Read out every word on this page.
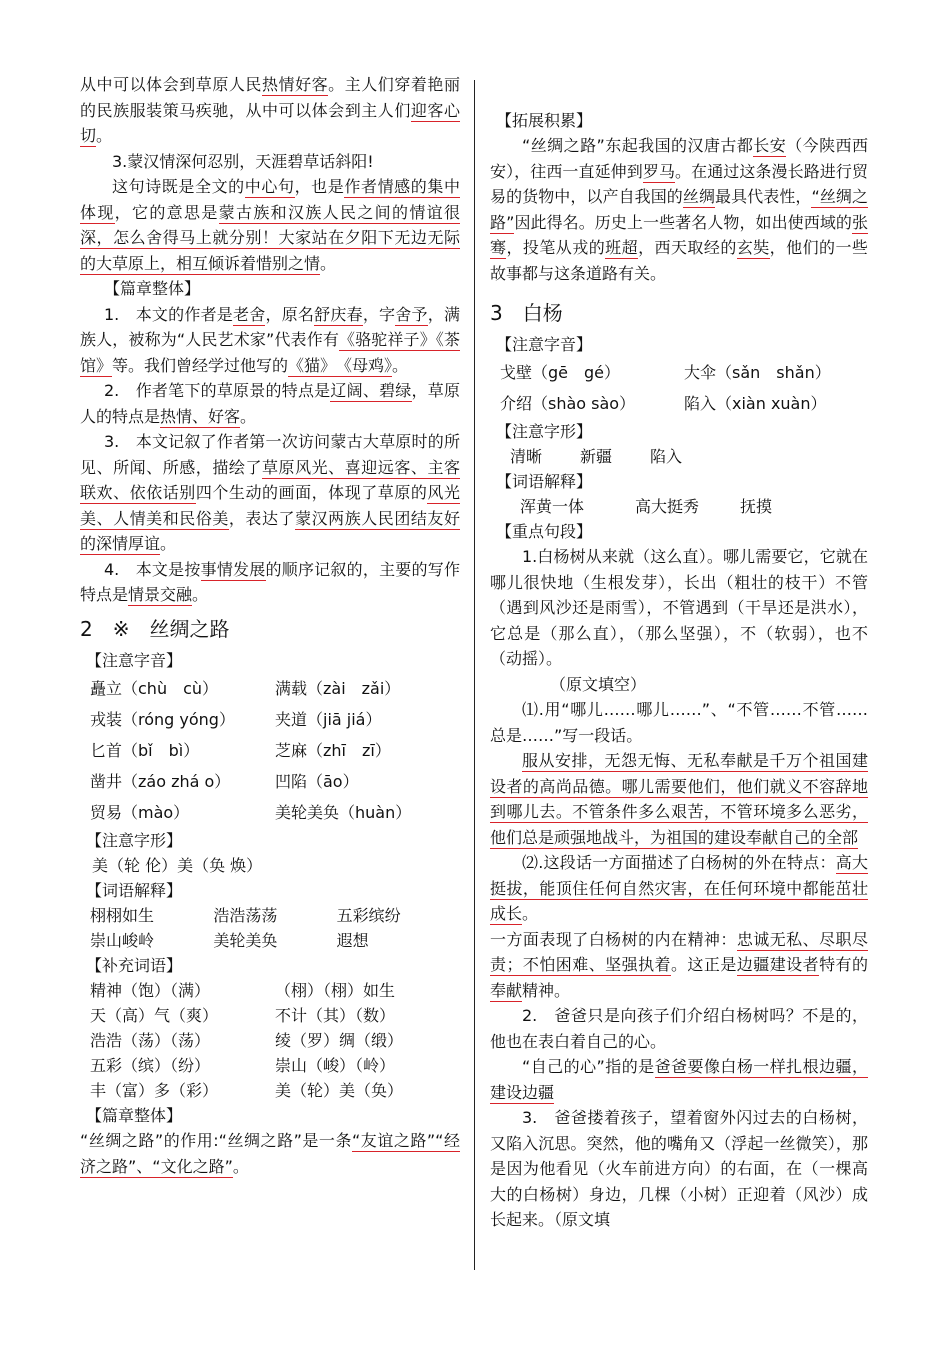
从中可以体会到草原人民热情好客。主人们穿着艳丽的民族服装策马疾驰，从中可以体会到主人们迎客心切。

3.蒙汉情深何忍别，天涯碧草话斜阳!

这句诗既是全文的中心句，也是作者情感的集中体现，它的意思是蒙古族和汉族人民之间的情谊很深，怎么舍得马上就分别！大家站在夕阳下无边无际的大草原上，相互倾诉着惜别之情。

【篇章整体】

1.　本文的作者是老舍，原名舒庆春，字舍予，满族人，被称为“人民艺术家”代表作有《骆驼祥子》《茶馆》等。我们曾经学过他写的《猫》　《母鸡》。

2.　作者笔下的草原景的特点是辽阔、碧绿，草原人的特点是热情、好客。

3.　本文记叙了作者第一次访问蒙古大草原时的所见、所闻、所感，描绘了草原风光、喜迎远客、主客联欢、依依话别四个生动的画面，体现了草原的风光美、人情美和民俗美，表达了蒙汉两族人民团结友好的深情厚谊。

4.　本文是按事情发展的顺序记叙的，主要的写作特点是情景交融。

2　※　丝绸之路

【注意字音】

矗立（chù　cù）	满载（zài　zǎi）
戎装（róng yóng）	夹道（jiā jiá）
匕首（bǐ　bì）	芝麻（zhī　zī）
凿井（záo zhá o）	凹陷（āo）
贸易（mào）	美轮美奂（huàn）

【注意字形】

美（轮 伦）美（奂 焕）

【词语解释】

栩栩如生	浩浩荡荡	五彩缤纷
崇山峻岭	美轮美奂	遐想

【补充词语】

精神（饱）（满）	（栩）（栩）如生
天（高）气（爽）	不计（其）（数）
浩浩（荡）（荡）	绫（罗）绸（缎）
五彩（缤）（纷）	崇山（峻）（岭）
丰（富）多（彩）	美（轮）美（奂）

【篇章整体】

“丝绸之路”的作用:“丝绸之路”是一条“友谊之路”“经济之路”、“文化之路”。

【拓展积累】

“丝绸之路”东起我国的汉唐古都长安（今陕西西安），往西一直延伸到罗马。在通过这条漫长路进行贸易的货物中，以产自我国的丝绸最具代表性，“丝绸之路”因此得名。历史上一些著名人物，如出使西域的张骞，投笔从戎的班超，西天取经的玄奘，他们的一些故事都与这条道路有关。

3　白杨

【注意字音】

戈壁（gē　gé）	大伞（sǎn　shǎn）
介绍（shào sào）	陷入（xiàn xuàn）

【注意字形】

清晰	新疆	陷入

【词语解释】

浑黄一体	高大挺秀	抚摸

【重点句段】

1.白杨树从来就（这么直）。哪儿需要它，它就在哪儿很快地（生根发芽），长出（粗壮的枝干）不管（遇到风沙还是雨雪），不管遇到（干旱还是洪水），它总是（那么直），（那么坚强），不（软弱），也不（动摇）。

（原文填空）

⑴.用“哪儿……哪儿……”、“不管……不管……总是……”写一段话。

服从安排，无怨无悔、无私奉献是千万个祖国建设者的高尚品德。哪儿需要他们，他们就义不容辞地到哪儿去。不管条件多么艰苦，不管环境多么恶劣，他们总是顽强地战斗，为祖国的建设奉献自己的全部

⑵.这段话一方面描述了白杨树的外在特点：高大挺拔，能顶住任何自然灾害，在任何环境中都能茁壮成长。

一方面表现了白杨树的内在精神：忠诚无私、尽职尽责；不怕困难、坚强执着。这正是边疆建设者特有的奉献精神。

2.　爸爸只是向孩子们介绍白杨树吗？不是的，他也在表白着自己的心。

“自己的心”指的是爸爸要像白杨一样扎根边疆，建设边疆

3.　爸爸搂着孩子，望着窗外闪过去的白杨树，又陷入沉思。突然，他的嘴角又（浮起一丝微笑），那是因为他看见（火车前进方向）的右面，在（一棵高大的白杨树）身边，几棵（小树）正迎着（风沙）成长起来。（原文填
